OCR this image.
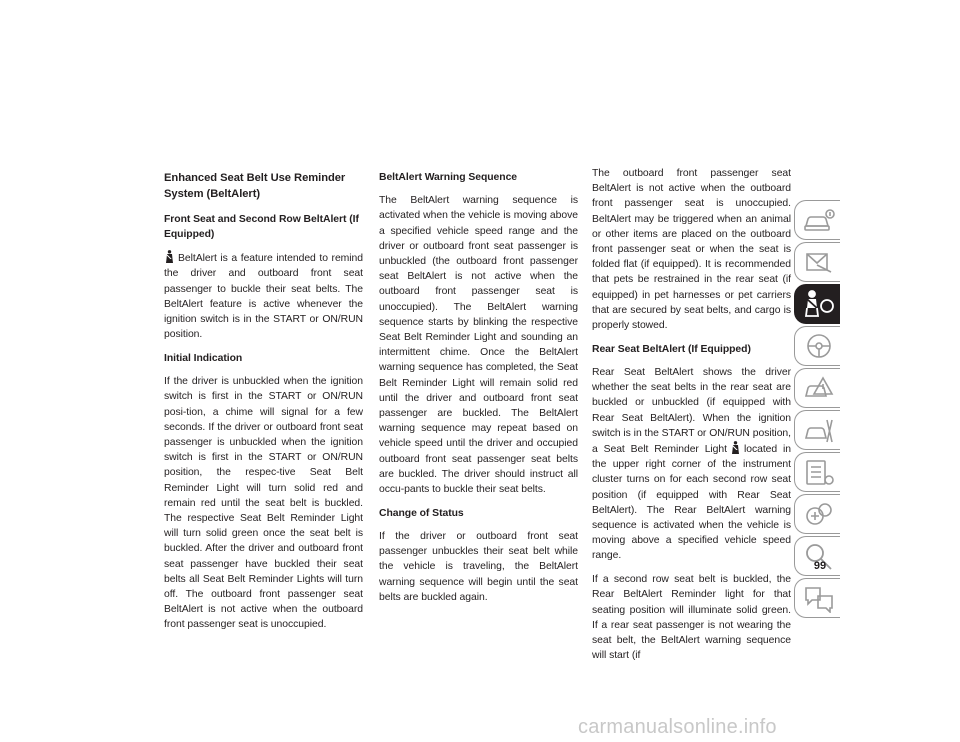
Enhanced Seat Belt Use Reminder System (BeltAlert)
Front Seat and Second Row BeltAlert (If Equipped)

BeltAlert is a feature intended to remind the driver and outboard front seat passenger to buckle their seat belts. The BeltAlert feature is active whenever the ignition switch is in the START or ON/RUN position.

Initial Indication

If the driver is unbuckled when the ignition switch is first in the START or ON/RUN posi-tion, a chime will signal for a few seconds. If the driver or outboard front seat passenger is unbuckled when the ignition switch is first in the START or ON/RUN position, the respec-tive Seat Belt Reminder Light will turn solid red and remain red until the seat belt is buckled. The respective Seat Belt Reminder Light will turn solid green once the seat belt is buckled. After the driver and outboard front seat passenger have buckled their seat belts all Seat Belt Reminder Lights will turn off. The outboard front passenger seat BeltAlert is not active when the outboard front passenger seat is unoccupied.

BeltAlert Warning Sequence

The BeltAlert warning sequence is activated when the vehicle is moving above a specified vehicle speed range and the driver or outboard front seat passenger is unbuckled (the outboard front passenger seat BeltAlert is not active when the outboard front passenger seat is unoccupied). The BeltAlert warning sequence starts by blinking the respective Seat Belt Reminder Light and sounding an intermittent chime. Once the BeltAlert warning sequence has completed, the Seat Belt Reminder Light will remain solid red until the driver and outboard front seat passenger are buckled. The BeltAlert warning sequence may repeat based on vehicle speed until the driver and occupied outboard front seat passenger seat belts are buckled. The driver should instruct all occu-pants to buckle their seat belts.

Change of Status

If the driver or outboard front seat passenger unbuckles their seat belt while the vehicle is traveling, the BeltAlert warning sequence will begin until the seat belts are buckled again.

The outboard front passenger seat BeltAlert is not active when the outboard front passenger seat is unoccupied. BeltAlert may be triggered when an animal or other items are placed on the outboard front passenger seat or when the seat is folded flat (if equipped). It is recommended that pets be restrained in the rear seat (if equipped) in pet harnesses or pet carriers that are secured by seat belts, and cargo is properly stowed.

Rear Seat BeltAlert (If Equipped)

Rear Seat BeltAlert shows the driver whether the seat belts in the rear seat are buckled or unbuckled (if equipped with Rear Seat BeltAlert). When the ignition switch is in the START or ON/RUN position, a Seat Belt Reminder Light located in the upper right corner of the instrument cluster turns on for each second row seat position (if equipped with Rear Seat BeltAlert). The Rear BeltAlert warning sequence is activated when the vehicle is moving above a specified vehicle speed range.

If a second row seat belt is buckled, the Rear BeltAlert Reminder light for that seating position will illuminate solid green. If a rear seat passenger is not wearing the seat belt, the BeltAlert warning sequence will start (if

99
carmanualsonline.info
